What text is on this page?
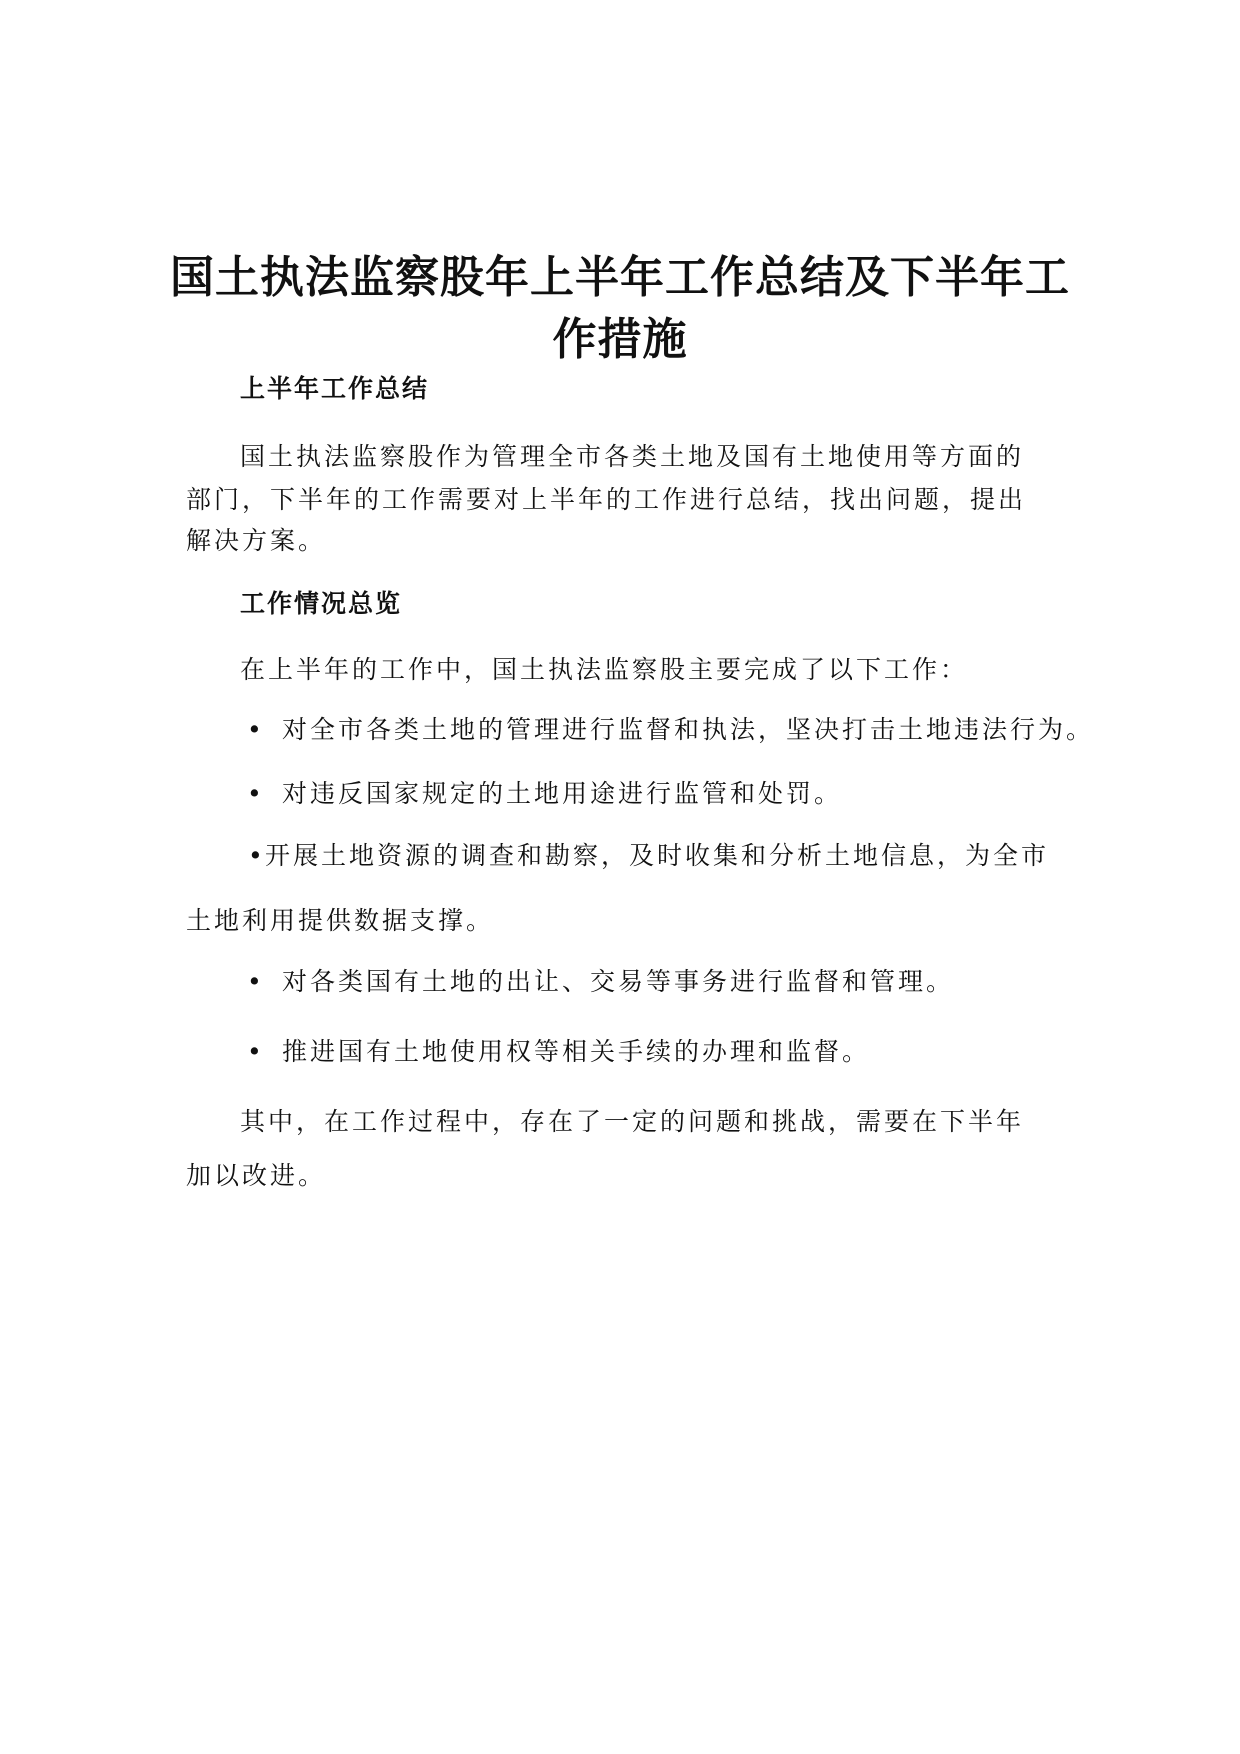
国土执法监察股年上半年工作总结及下半年工
作措施
上半年工作总结
国土执法监察股作为管理全市各类土地及国有土地使用等方面的
部门，下半年的工作需要对上半年的工作进行总结，找出问题，提出
解决方案。
工作情况总览
在上半年的工作中，国土执法监察股主要完成了以下工作：
• 对全市各类土地的管理进行监督和执法，坚决打击土地违法行为。
• 对违反国家规定的土地用途进行监管和处罚。
• 开展土地资源的调查和勘察，及时收集和分析土地信息，为全市
土地利用提供数据支撑。
• 对各类国有土地的出让、交易等事务进行监督和管理。
• 推进国有土地使用权等相关手续的办理和监督。
其中，在工作过程中，存在了一定的问题和挑战，需要在下半年
加以改进。
